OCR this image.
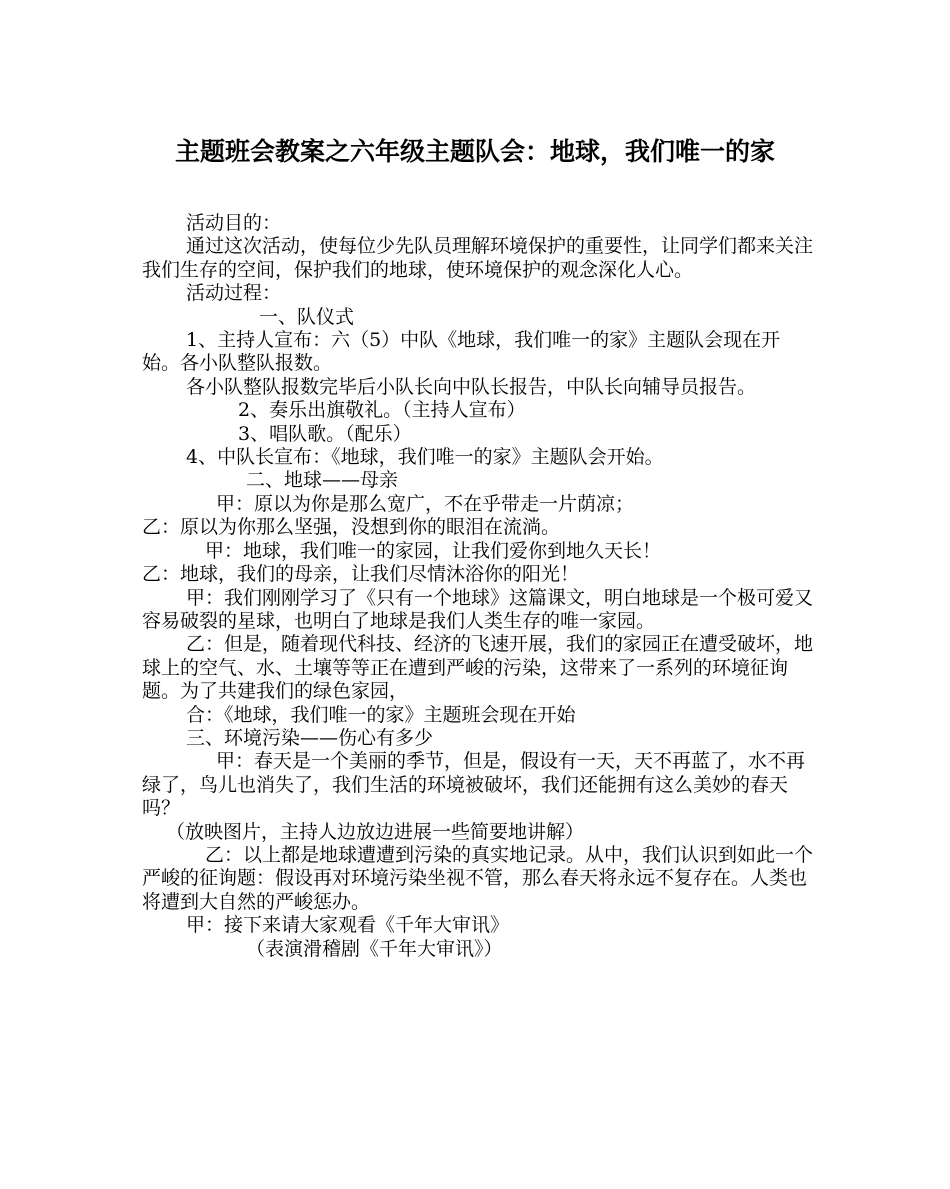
主题班会教案之六年级主题队会：地球，我们唯一的家

活动目的：

通过这次活动，使每位少先队员理解环境保护的重要性，让同学们都来关注我们生存的空间，保护我们的地球，使环境保护的观念深化人心。

活动过程：

一、队仪式

1、主持人宣布：六（5）中队《地球，我们唯一的家》主题队会现在开始。各小队整队报数。

各小队整队报数完毕后小队长向中队长报告，中队长向辅导员报告。

2、奏乐出旗敬礼。（主持人宣布）

3、唱队歌。（配乐）

4、中队长宣布：《地球，我们唯一的家》主题队会开始。

二、地球——母亲

甲：原以为你是那么宽广，不在乎带走一片荫凉；

乙：原以为你那么坚强，没想到你的眼泪在流淌。

甲：地球，我们唯一的家园，让我们爱你到地久天长！

乙：地球，我们的母亲，让我们尽情沐浴你的阳光！

甲：我们刚刚学习了《只有一个地球》这篇课文，明白地球是一个极可爱又容易破裂的星球，也明白了地球是我们人类生存的唯一家园。

乙：但是，随着现代科技、经济的飞速开展，我们的家园正在遭受破坏，地球上的空气、水、土壤等等正在遭到严峻的污染，这带来了一系列的环境征询题。为了共建我们的绿色家园，

合：《地球，我们唯一的家》主题班会现在开始

三、环境污染——伤心有多少

甲：春天是一个美丽的季节，但是，假设有一天，天不再蓝了，水不再绿了，鸟儿也消失了，我们生活的环境被破坏，我们还能拥有这么美妙的春天吗？

（放映图片，主持人边放边进展一些简要地讲解）

乙：以上都是地球遭遭到污染的真实地记录。从中，我们认识到如此一个严峻的征询题：假设再对环境污染坐视不管，那么春天将永远不复存在。人类也将遭到大自然的严峻惩办。

甲：接下来请大家观看《千年大审讯》

（表演滑稽剧《千年大审讯》）
